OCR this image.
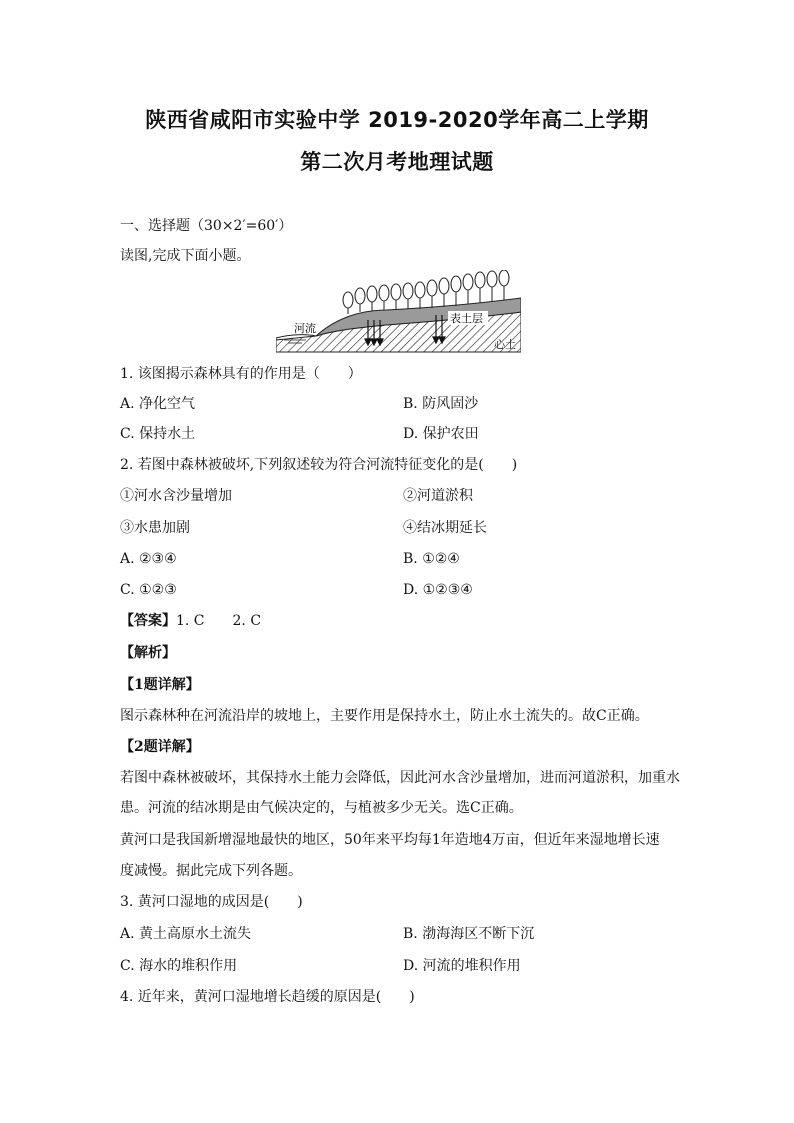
陕西省咸阳市实验中学 2019-2020学年高二上学期
第二次月考地理试题
一、选择题（30×2′=60′）
读图,完成下面小题。
河流
表土层
心土
1. 该图揭示森林具有的作用是（　　）
A. 净化空气	B. 防风固沙
C. 保持水土	D. 保护农田
2. 若图中森林被破坏,下列叙述较为符合河流特征变化的是(　　)
①河水含沙量增加	②河道淤积
③水患加剧	④结冰期延长
A. ②③④	B. ①②④
C. ①②③	D. ①②③④
【答案】1. C　　2. C
【解析】
【1题详解】
图示森林种在河流沿岸的坡地上，主要作用是保持水土，防止水土流失的。故C正确。
【2题详解】
若图中森林被破坏，其保持水土能力会降低，因此河水含沙量增加，进而河道淤积，加重水
患。河流的结冰期是由气候决定的，与植被多少无关。选C正确。
黄河口是我国新增湿地最快的地区，50年来平均每1年造地4万亩，但近年来湿地增长速
度减慢。据此完成下列各题。
3. 黄河口湿地的成因是(　　)
A. 黄土高原水土流失	B. 渤海海区不断下沉
C. 海水的堆积作用	D. 河流的堆积作用
4. 近年来，黄河口湿地增长趋缓的原因是(　　)
